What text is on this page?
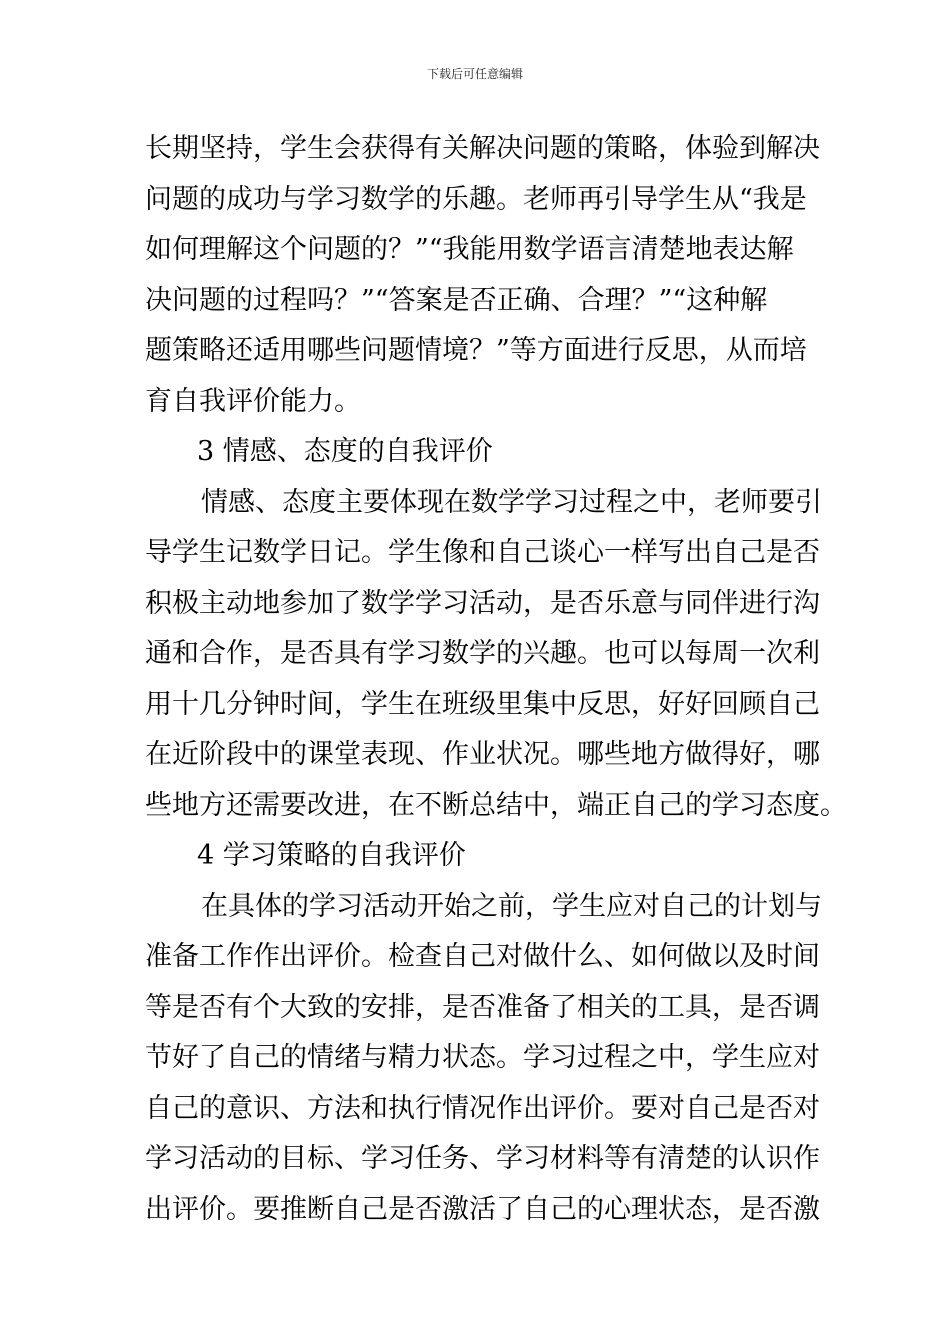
下载后可任意编辑
长期坚持，学生会获得有关解决问题的策略，体验到解决
问题的成功与学习数学的乐趣。老师再引导学生从“我是
如何理解这个问题的？”“我能用数学语言清楚地表达解
决问题的过程吗？”“答案是否正确、合理？”“这种解
题策略还适用哪些问题情境？”等方面进行反思，从而培
育自我评价能力。
3 情感、态度的自我评价
情感、态度主要体现在数学学习过程之中，老师要引
导学生记数学日记。学生像和自己谈心一样写出自己是否
积极主动地参加了数学学习活动，是否乐意与同伴进行沟
通和合作，是否具有学习数学的兴趣。也可以每周一次利
用十几分钟时间，学生在班级里集中反思，好好回顾自己
在近阶段中的课堂表现、作业状况。哪些地方做得好，哪
些地方还需要改进，在不断总结中，端正自己的学习态度。
4 学习策略的自我评价
在具体的学习活动开始之前，学生应对自己的计划与
准备工作作出评价。检查自己对做什么、如何做以及时间
等是否有个大致的安排，是否准备了相关的工具，是否调
节好了自己的情绪与精力状态。学习过程之中，学生应对
自己的意识、方法和执行情况作出评价。要对自己是否对
学习活动的目标、学习任务、学习材料等有清楚的认识作
出评价。要推断自己是否激活了自己的心理状态，是否激
